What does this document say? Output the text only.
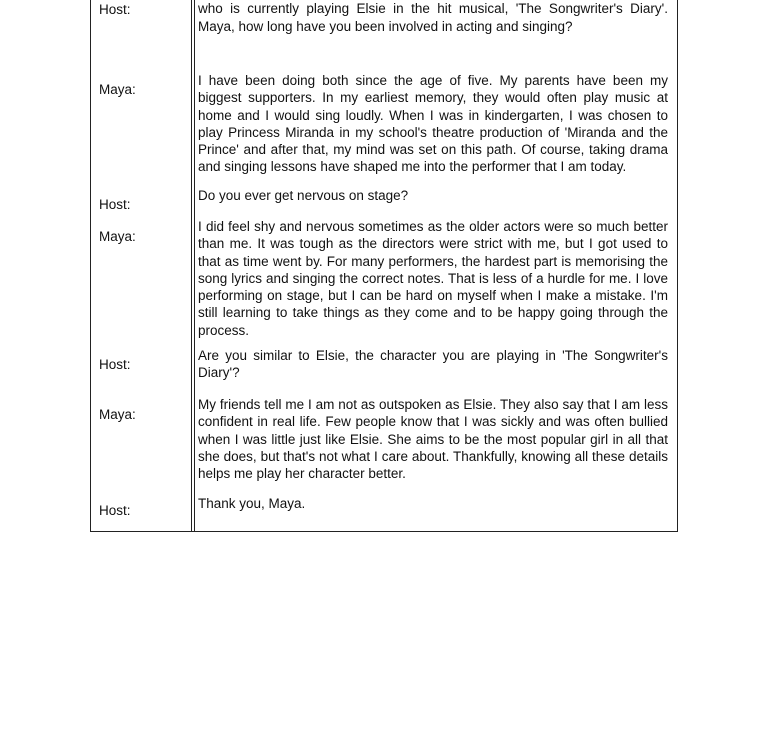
Host:	who is currently playing Elsie in the hit musical, 'The Songwriter's Diary'. Maya, how long have you been involved in acting and singing?
Maya:
I have been doing both since the age of five. My parents have been my biggest supporters. In my earliest memory, they would often play music at home and I would sing loudly. When I was in kindergarten, I was chosen to play Princess Miranda in my school's theatre production of 'Miranda and the Prince' and after that, my mind was set on this path. Of course, taking drama and singing lessons have shaped me into the performer that I am today.
Host:
Do you ever get nervous on stage?
Maya:
I did feel shy and nervous sometimes as the older actors were so much better than me. It was tough as the directors were strict with me, but I got used to that as time went by. For many performers, the hardest part is memorising the song lyrics and singing the correct notes. That is less of a hurdle for me. I love performing on stage, but I can be hard on myself when I make a mistake. I'm still learning to take things as they come and to be happy going through the process.
Host:
Are you similar to Elsie, the character you are playing in 'The Songwriter's Diary'?
Maya:
My friends tell me I am not as outspoken as Elsie. They also say that I am less confident in real life. Few people know that I was sickly and was often bullied when I was little just like Elsie. She aims to be the most popular girl in all that she does, but that's not what I care about. Thankfully, knowing all these details helps me play her character better.
Host:	Thank you, Maya.
